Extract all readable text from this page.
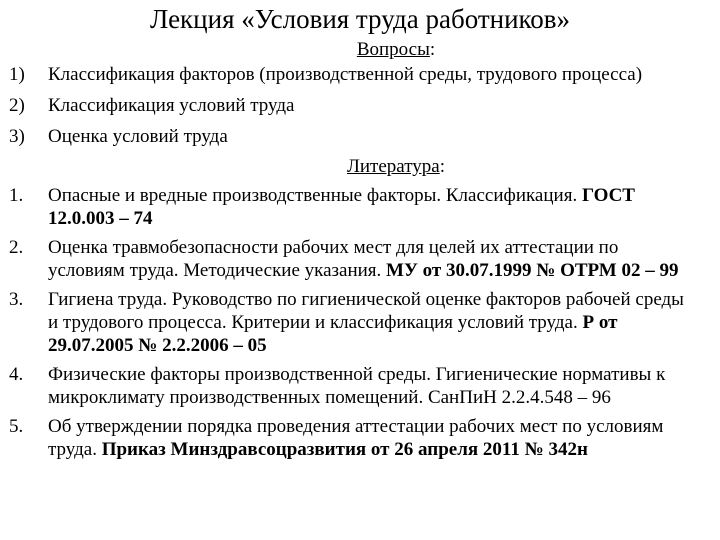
Лекция «Условия труда работников»
Вопросы:
1) Классификация факторов (производственной среды, трудового процесса)
2) Классификация условий труда
3) Оценка условий труда
Литература:
1. Опасные и вредные производственные факторы. Классификация. ГОСТ 12.0.003 – 74
2. Оценка травмобезопасности рабочих мест для целей их аттестации по условиям труда. Методические указания. МУ от 30.07.1999 № ОТРМ 02 – 99
3. Гигиена труда. Руководство по гигиенической оценке факторов рабочей среды и трудового процесса. Критерии и классификация условий труда. Р от 29.07.2005 № 2.2.2006 – 05
4. Физические факторы производственной среды. Гигиенические нормативы к микроклимату производственных помещений. СанПиН 2.2.4.548 – 96
5. Об утверждении порядка проведения аттестации рабочих мест по условиям труда. Приказ Минздравсоцразвития от 26 апреля 2011 № 342н
